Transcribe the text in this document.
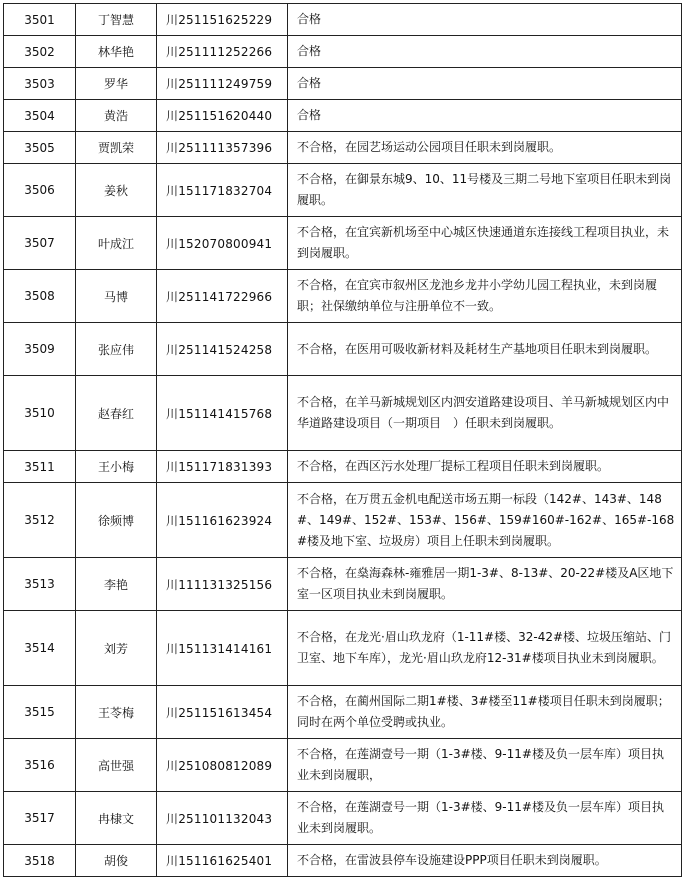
3501	丁智慧	川251151625229	合格
3502	林华艳	川251111252266	合格
3503	罗华	川251111249759	合格
3504	黄浩	川251151620440	合格
3505	贾凯荣	川251111357396	不合格，在园艺场运动公园项目任职未到岗履职。
3506	姜秋	川151171832704	不合格，在御景东城9、10、11号楼及三期二号地下室项目任职未到岗履职。
3507	叶成江	川152070800941	不合格，在宜宾新机场至中心城区快速通道东连接线工程项目执业，未到岗履职。
3508	马博	川251141722966	不合格，在宜宾市叙州区龙池乡龙井小学幼儿园工程执业，未到岗履职；社保缴纳单位与注册单位不一致。
3509	张应伟	川251141524258	不合格，在医用可吸收新材料及耗材生产基地项目任职未到岗履职。
3510	赵春红	川151141415768	不合格，在羊马新城规划区内泗安道路建设项目、羊马新城规划区内中华道路建设项目（一期项目　）任职未到岗履职。
3511	王小梅	川151171831393	不合格，在西区污水处理厂提标工程项目任职未到岗履职。
3512	徐频博	川151161623924	不合格，在万贯五金机电配送市场五期一标段（142#、143#、148#、149#、152#、153#、156#、159#160#-162#、165#-168#楼及地下室、垃圾房）项目上任职未到岗履职。
3513	李艳	川111131325156	不合格，在燊海森林-雍雅居一期1-3#、8-13#、20-22#楼及A区地下室一区项目执业未到岗履职。
3514	刘芳	川151131414161	不合格，在龙光·眉山玖龙府（1-11#楼、32-42#楼、垃圾压缩站、门卫室、地下车库），龙光·眉山玖龙府12-31#楼项目执业未到岗履职。
3515	王苓梅	川251151613454	不合格，在蔺州国际二期1#楼、3#楼至11#楼项目任职未到岗履职；同时在两个单位受聘或执业。
3516	高世强	川251080812089	不合格，在莲湖壹号一期（1-3#楼、9-11#楼及负一层车库）项目执业未到岗履职，
3517	冉棣文	川251101132043	不合格，在莲湖壹号一期（1-3#楼、9-11#楼及负一层车库）项目执业未到岗履职。
3518	胡俊	川151161625401	不合格，在雷波县停车设施建设PPP项目任职未到岗履职。
